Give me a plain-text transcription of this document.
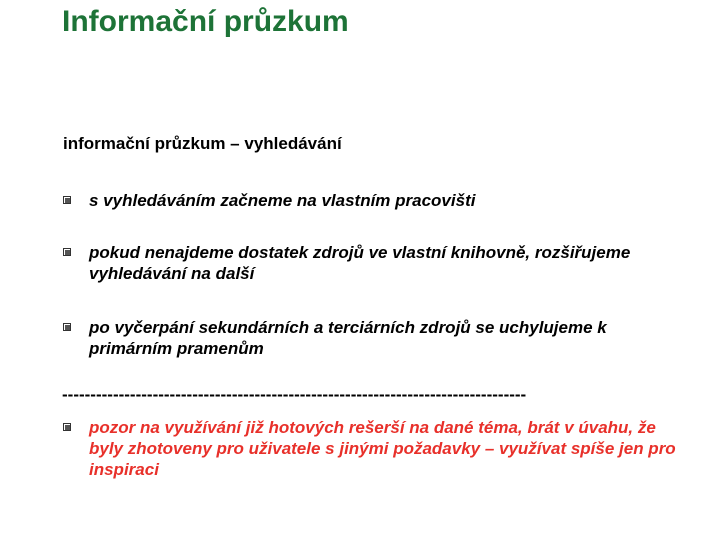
Informační průzkum
informační průzkum – vyhledávání
s vyhledáváním začneme na vlastním pracovišti
pokud nenajdeme dostatek zdrojů ve vlastní knihovně, rozšiřujeme vyhledávání na další
po vyčerpání sekundárních a terciárních zdrojů se uchylujeme k primárním pramenům
----------------------------------------------------------------------------------
pozor na využívání již hotových rešerší na dané téma, brát v úvahu, že byly zhotoveny pro uživatele s jinými požadavky – využívat spíše jen pro inspiraci
